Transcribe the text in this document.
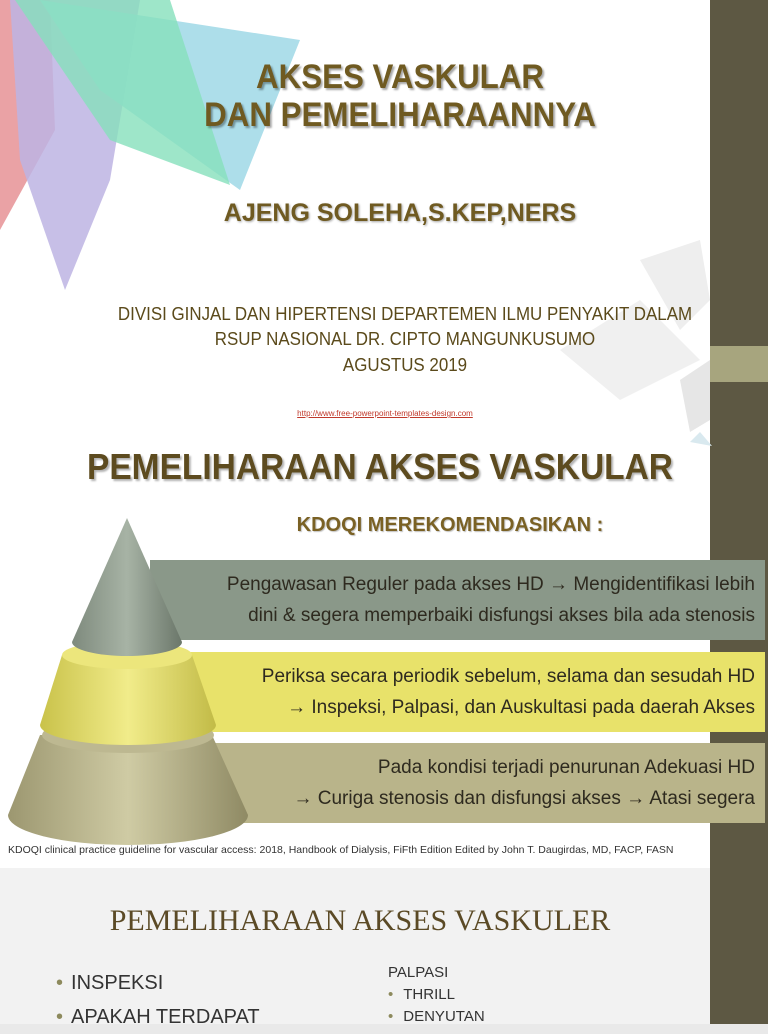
AKSES VASKULAR
DAN PEMELIHARAANNYA
AJENG SOLEHA,S.KEP,NERS
DIVISI GINJAL DAN HIPERTENSI DEPARTEMEN ILMU PENYAKIT DALAM
RSUP NASIONAL DR. CIPTO MANGUNKUSUMO
AGUSTUS 2019
http://www.free-powerpoint-templates-design.com
PEMELIHARAAN AKSES VASKULAR
KDOQI MEREKOMENDASIKAN :
Pengawasan Reguler pada akses HD → Mengidentifikasi lebih
dini & segera memperbaiki disfungsi akses bila ada stenosis
Periksa secara periodik sebelum, selama dan sesudah HD
→ Inspeksi, Palpasi, dan Auskultasi pada daerah Akses
Pada kondisi terjadi penurunan Adekuasi HD
→ Curiga stenosis dan disfungsi akses → Atasi segera
KDOQI clinical practice guideline for vascular access: 2018, Handbook of Dialysis, FiFth Edition Edited by John T. Daugirdas, MD, FACP, FASN
PEMELIHARAAN AKSES VASKULER
• INSPEKSI
• APAKAH TERDAPAT
PALPASI
• THRILL
• DENYUTAN
